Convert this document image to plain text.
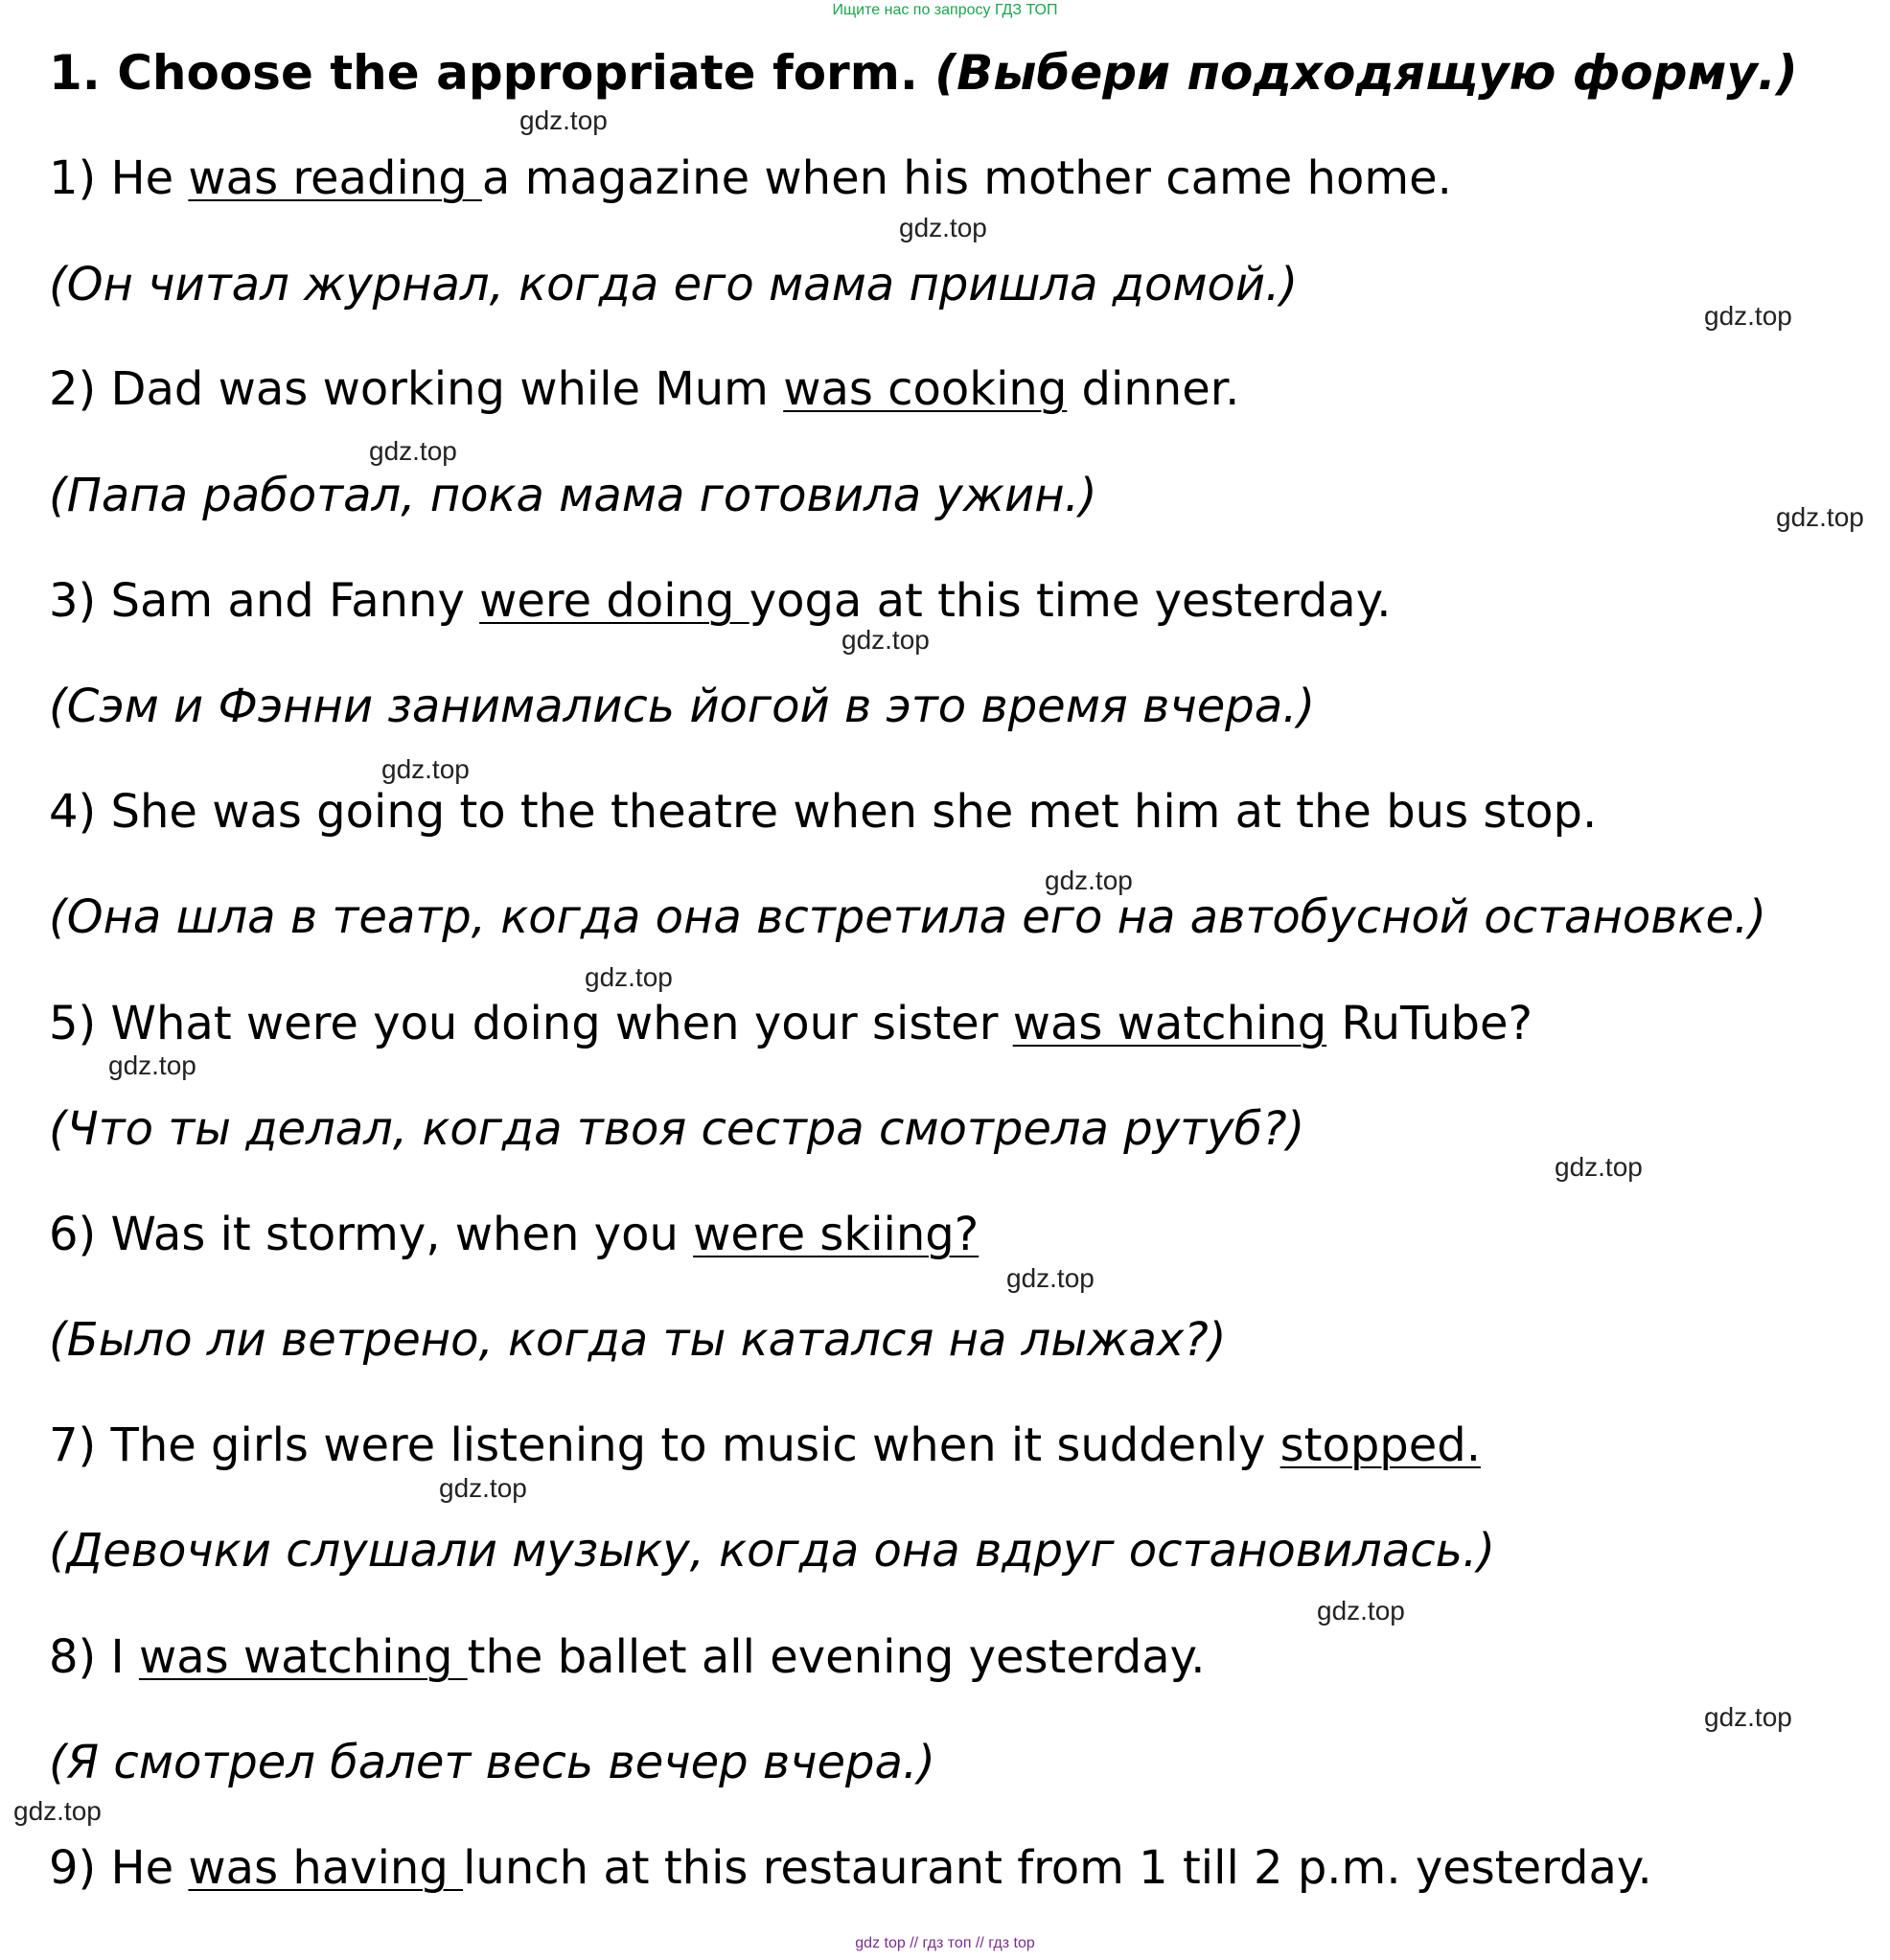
Ищите нас по запросу ГДЗ ТОП
1. Choose the appropriate form. (Выбери подходящую форму.)
1) He was reading a magazine when his mother came home.
(Он читал журнал, когда его мама пришла домой.)
2) Dad was working while Mum was cooking dinner.
(Папа работал, пока мама готовила ужин.)
3) Sam and Fanny were doing yoga at this time yesterday.
(Сэм и Фэнни занимались йогой в это время вчера.)
4) She was going to the theatre when she met him at the bus stop.
(Она шла в театр, когда она встретила его на автобусной остановке.)
5) What were you doing when your sister was watching RuTube?
(Что ты делал, когда твоя сестра смотрела рутуб?)
6) Was it stormy, when you were skiing?
(Было ли ветрено, когда ты катался на лыжах?)
7) The girls were listening to music when it suddenly stopped.
(Девочки слушали музыку, когда она вдруг остановилась.)
8) I was watching the ballet all evening yesterday.
(Я смотрел балет весь вечер вчера.)
9) He was having lunch at this restaurant from 1 till 2 p.m. yesterday.
gdz.top
gdz.top
gdz.top
gdz.top
gdz.top
gdz.top
gdz.top
gdz.top
gdz.top
gdz.top
gdz.top
gdz.top
gdz.top
gdz.top
gdz.top
gdz.top
gdz top // гдз топ // гдз top
